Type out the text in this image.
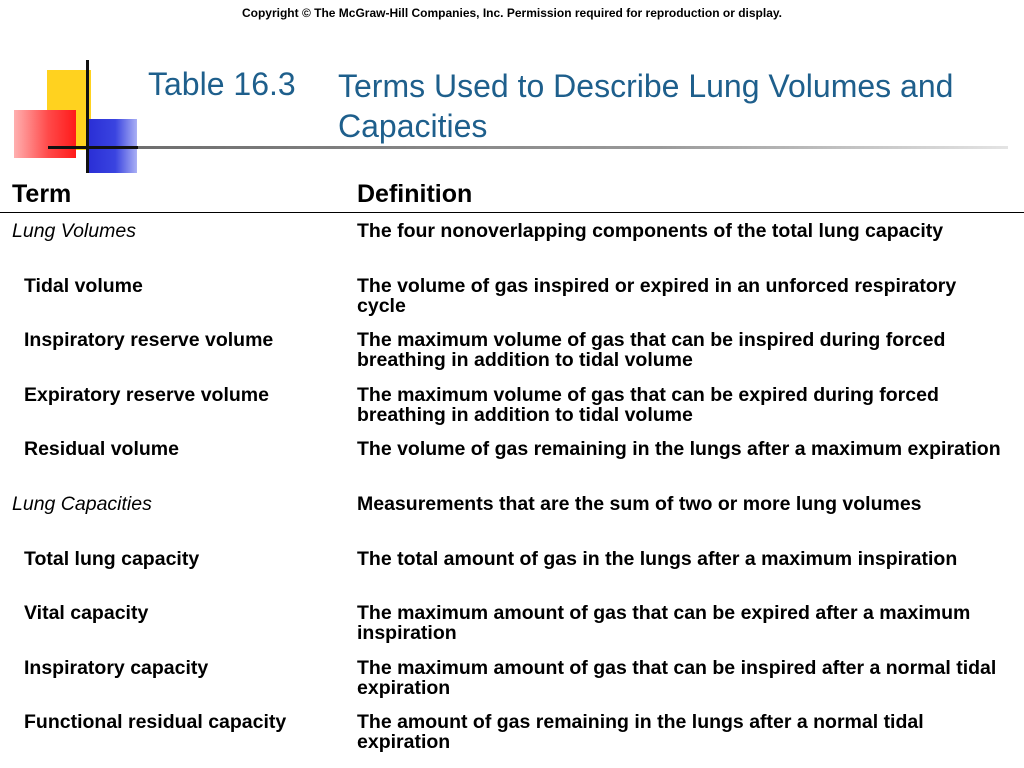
Copyright © The McGraw-Hill Companies, Inc. Permission required for reproduction or display.
Table 16.3 Terms Used to Describe Lung Volumes and Capacities
Term	Definition
Lung Volumes	The four nonoverlapping components of the total lung capacity
Tidal volume	The volume of gas inspired or expired in an unforced respiratory cycle
Inspiratory reserve volume	The maximum volume of gas that can be inspired during forced breathing in addition to tidal volume
Expiratory reserve volume	The maximum volume of gas that can be expired during forced breathing in addition to tidal volume
Residual volume	The volume of gas remaining in the lungs after a maximum expiration
Lung Capacities	Measurements that are the sum of two or more lung volumes
Total lung capacity	The total amount of gas in the lungs after a maximum inspiration
Vital capacity	The maximum amount of gas that can be expired after a maximum inspiration
Inspiratory capacity	The maximum amount of gas that can be inspired after a normal tidal expiration
Functional residual capacity	The amount of gas remaining in the lungs after a normal tidal expiration
